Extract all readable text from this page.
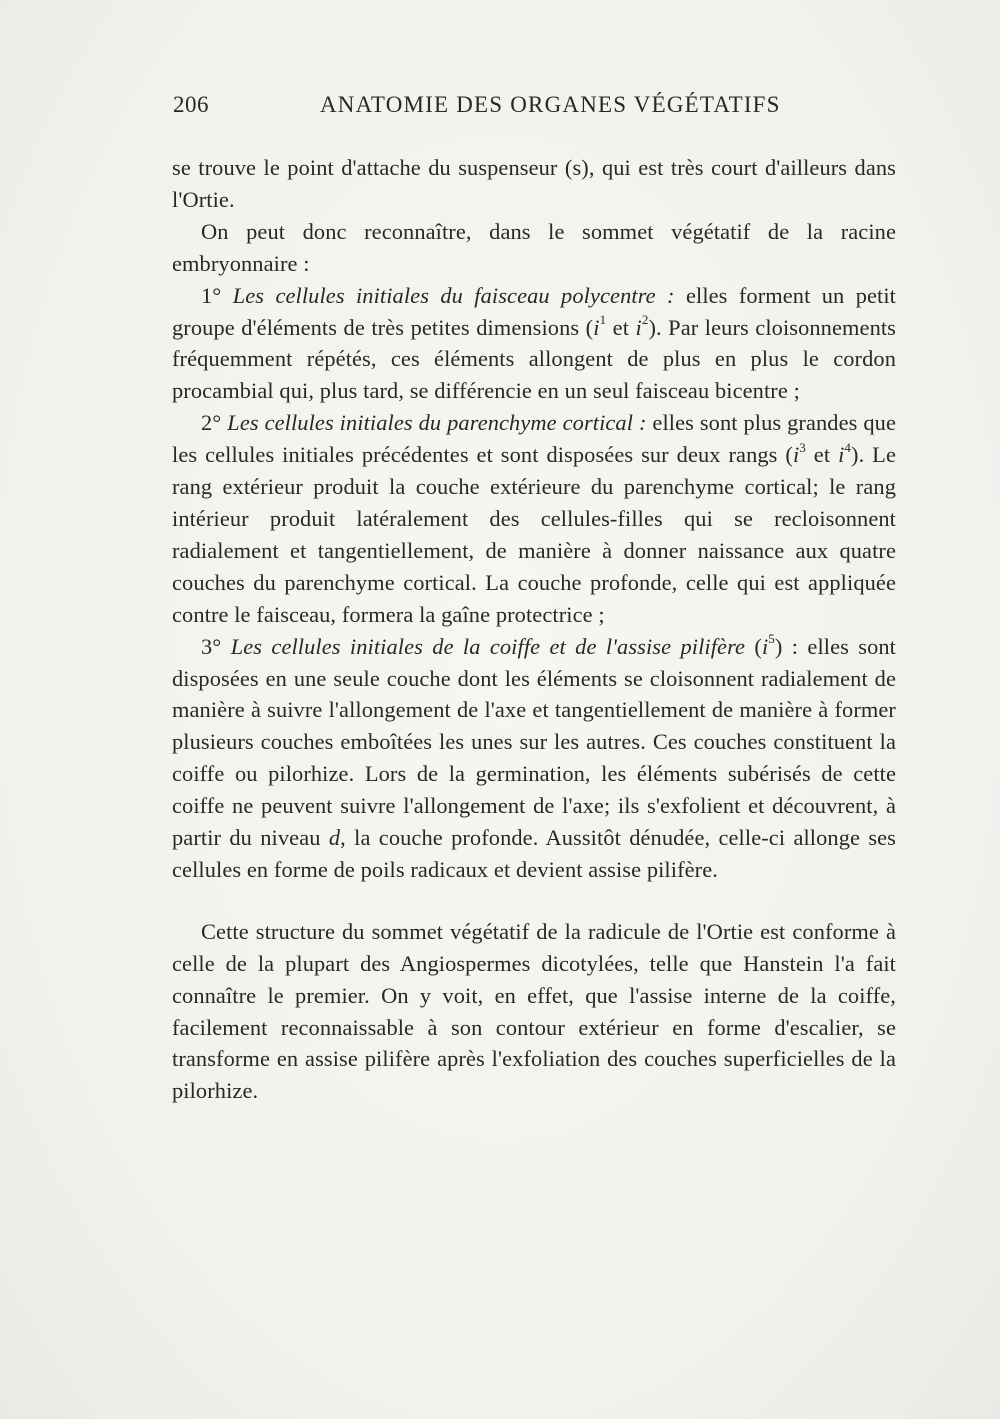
206	ANATOMIE DES ORGANES VÉGÉTATIFS

se trouve le point d'attache du suspenseur (s), qui est très court d'ailleurs dans l'Ortie.

On peut donc reconnaître, dans le sommet végétatif de la racine embryonnaire :

1° Les cellules initiales du faisceau polycentre : elles forment un petit groupe d'éléments de très petites dimensions ($i^1$ et $i^2$). Par leurs cloisonnements fréquemment répétés, ces éléments allongent de plus en plus le cordon procambial qui, plus tard, se différencie en un seul faisceau bicentre ;

2° Les cellules initiales du parenchyme cortical : elles sont plus grandes que les cellules initiales précédentes et sont disposées sur deux rangs ($i^3$ et $i^4$). Le rang extérieur produit la couche extérieure du parenchyme cortical; le rang intérieur produit latéralement des cellules-filles qui se recloisonnent radialement et tangentiellement, de manière à donner naissance aux quatre couches du parenchyme cortical. La couche profonde, celle qui est appliquée contre le faisceau, formera la gaîne protectrice ;

3° Les cellules initiales de la coiffe et de l'assise pilifère $(i^5)$ : elles sont disposées en une seule couche dont les éléments se cloisonnent radialement de manière à suivre l'allongement de l'axe et tangentiellement de manière à former plusieurs couches emboîtées les unes sur les autres. Ces couches constituent la coiffe ou pilorhize. Lors de la germination, les éléments subérisés de cette coiffe ne peuvent suivre l'allongement de l'axe; ils s'exfolient et découvrent, à partir du niveau d, la couche profonde. Aussitôt dénudée, celle-ci allonge ses cellules en forme de poils radicaux et devient assise pilifère.

Cette structure du sommet végétatif de la radicule de l'Ortie est conforme à celle de la plupart des Angiospermes dicotylées, telle que Hanstein l'a fait connaître le premier. On y voit, en effet, que l'assise interne de la coiffe, facilement reconnaissable à son contour extérieur en forme d'escalier, se transforme en assise pilifère après l'exfoliation des couches superficielles de la pilorhize.
